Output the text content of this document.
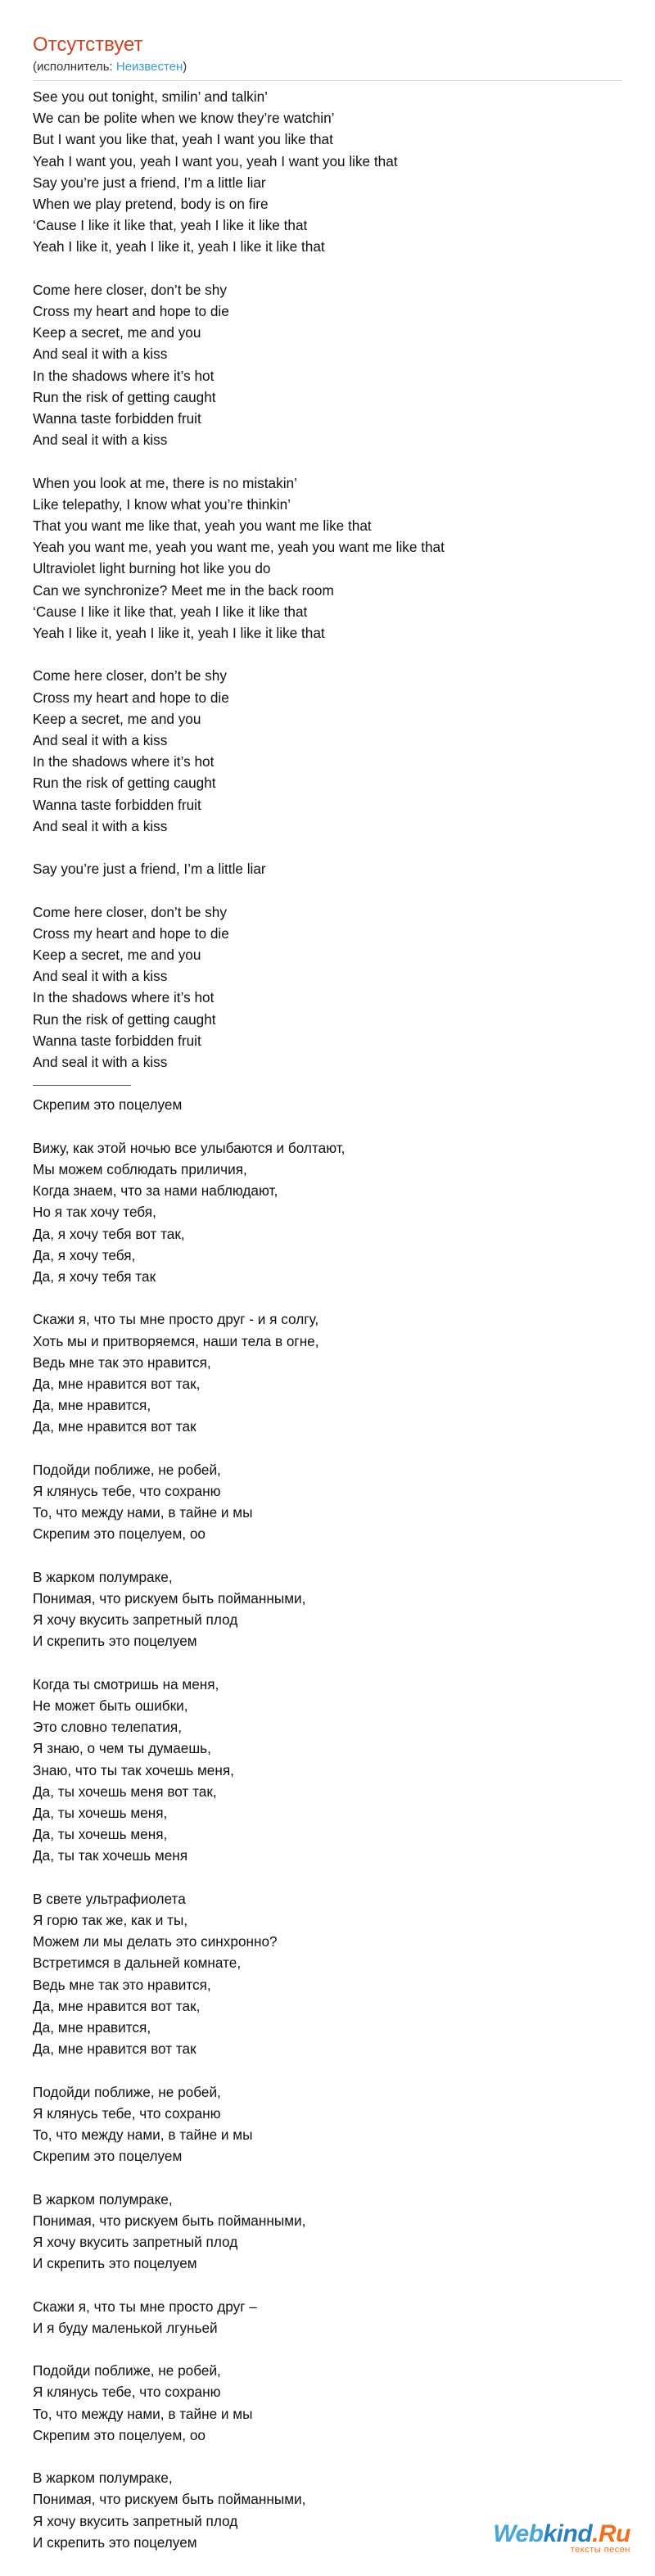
Отсутствует
(исполнитель: Неизвестен)
See you out tonight, smilin’ and talkin’
We can be polite when we know they’re watchin’
But I want you like that, yeah I want you like that
Yeah I want you, yeah I want you, yeah I want you like that
Say you’re just a friend, I’m a little liar
When we play pretend, body is on fire
‘Cause I like it like that, yeah I like it like that
Yeah I like it, yeah I like it, yeah I like it like that
Come here closer, don’t be shy
Cross my heart and hope to die
Keep a secret, me and you
And seal it with a kiss
In the shadows where it’s hot
Run the risk of getting caught
Wanna taste forbidden fruit
And seal it with a kiss
When you look at me, there is no mistakin’
Like telepathy, I know what you’re thinkin’
That you want me like that, yeah you want me like that
Yeah you want me, yeah you want me, yeah you want me like that
Ultraviolet light burning hot like you do
Can we synchronize? Meet me in the back room
‘Cause I like it like that, yeah I like it like that
Yeah I like it, yeah I like it, yeah I like it like that
Come here closer, don’t be shy
Cross my heart and hope to die
Keep a secret, me and you
And seal it with a kiss
In the shadows where it’s hot
Run the risk of getting caught
Wanna taste forbidden fruit
And seal it with a kiss
Say you’re just a friend, I’m a little liar
Come here closer, don’t be shy
Cross my heart and hope to die
Keep a secret, me and you
And seal it with a kiss
In the shadows where it’s hot
Run the risk of getting caught
Wanna taste forbidden fruit
And seal it with a kiss
Скрепим это поцелуем
Вижу, как этой ночью все улыбаются и болтают,
Мы можем соблюдать приличия,
Когда знаем, что за нами наблюдают,
Но я так хочу тебя,
Да, я хочу тебя вот так,
Да, я хочу тебя,
Да, я хочу тебя так
Скажи я, что ты мне просто друг - и я солгу,
Хоть мы и притворяемся, наши тела в огне,
Ведь мне так это нравится,
Да, мне нравится вот так,
Да, мне нравится,
Да, мне нравится вот так
Подойди поближе, не робей,
Я клянусь тебе, что сохраню
То, что между нами, в тайне и мы
Скрепим это поцелуем, оо
В жарком полумраке,
Понимая, что рискуем быть пойманными,
Я хочу вкусить запретный плод
И скрепить это поцелуем
Когда ты смотришь на меня,
Не может быть ошибки,
Это словно телепатия,
Я знаю, о чем ты думаешь,
Знаю, что ты так хочешь меня,
Да, ты хочешь меня вот так,
Да, ты хочешь меня,
Да, ты хочешь меня,
Да, ты так хочешь меня
В свете ультрафиолета
Я горю так же, как и ты,
Можем ли мы делать это синхронно?
Встретимся в дальней комнате,
Ведь мне так это нравится,
Да, мне нравится вот так,
Да, мне нравится,
Да, мне нравится вот так
Подойди поближе, не робей,
Я клянусь тебе, что сохраню
То, что между нами, в тайне и мы
Скрепим это поцелуем
В жарком полумраке,
Понимая, что рискуем быть пойманными,
Я хочу вкусить запретный плод
И скрепить это поцелуем
Скажи я, что ты мне просто друг –
И я буду маленькой лгуньей
Подойди поближе, не робей,
Я клянусь тебе, что сохраню
То, что между нами, в тайне и мы
Скрепим это поцелуем, оо
В жарком полумраке,
Понимая, что рискуем быть пойманными,
Я хочу вкусить запретный плод
И скрепить это поцелуем	Webkind.Ru
тексты песен
